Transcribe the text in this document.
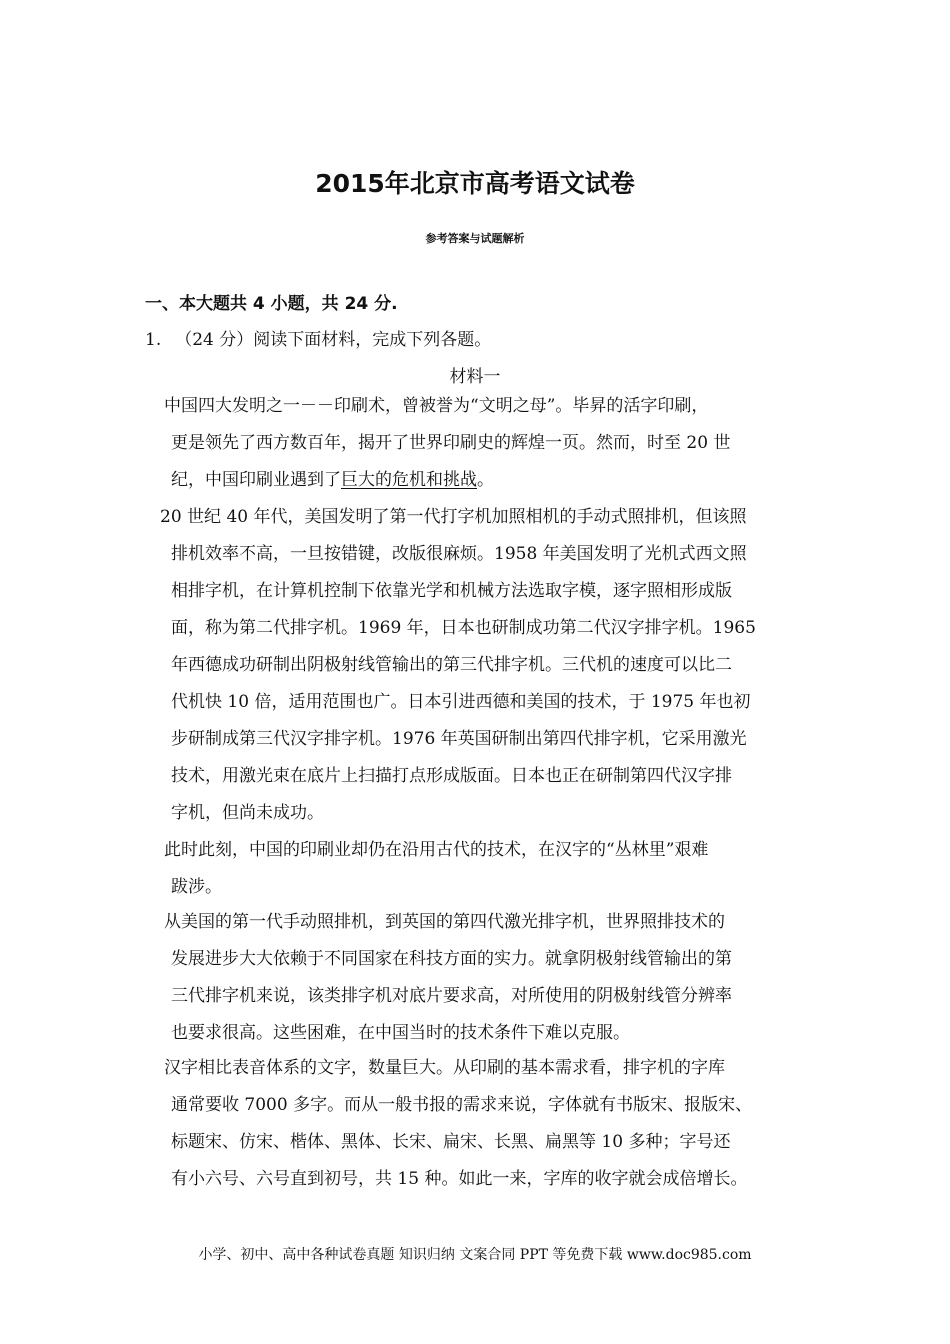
2015年北京市高考语文试卷
参考答案与试题解析
一、本大题共 4 小题，共 24 分.
1. （24 分）阅读下面材料，完成下列各题。
材料一
中国四大发明之一－－印刷术，曾被誉为“文明之母”。毕昇的活字印刷，
更是领先了西方数百年，揭开了世界印刷史的辉煌一页。然而，时至 20 世
纪，中国印刷业遇到了巨大的危机和挑战。
20 世纪 40 年代，美国发明了第一代打字机加照相机的手动式照排机，但该照
排机效率不高，一旦按错键，改版很麻烦。1958 年美国发明了光机式西文照
相排字机，在计算机控制下依靠光学和机械方法选取字模，逐字照相形成版
面，称为第二代排字机。1969 年，日本也研制成功第二代汉字排字机。1965
年西德成功研制出阴极射线管输出的第三代排字机。三代机的速度可以比二
代机快 10 倍，适用范围也广。日本引进西德和美国的技术，于 1975 年也初
步研制成第三代汉字排字机。1976 年英国研制出第四代排字机，它采用激光
技术，用激光束在底片上扫描打点形成版面。日本也正在研制第四代汉字排
字机，但尚未成功。
此时此刻，中国的印刷业却仍在沿用古代的技术，在汉字的“丛林里”艰难
跋涉。
从美国的第一代手动照排机，到英国的第四代激光排字机，世界照排技术的
发展进步大大依赖于不同国家在科技方面的实力。就拿阴极射线管输出的第
三代排字机来说，该类排字机对底片要求高，对所使用的阴极射线管分辨率
也要求很高。这些困难，在中国当时的技术条件下难以克服。
汉字相比表音体系的文字，数量巨大。从印刷的基本需求看，排字机的字库
通常要收 7000 多字。而从一般书报的需求来说，字体就有书版宋、报版宋、
标题宋、仿宋、楷体、黑体、长宋、扁宋、长黑、扁黑等 10 多种；字号还
有小六号、六号直到初号，共 15 种。如此一来，字库的收字就会成倍增长。
小学、初中、高中各种试卷真题 知识归纳 文案合同 PPT 等免费下载 www.doc985.com
